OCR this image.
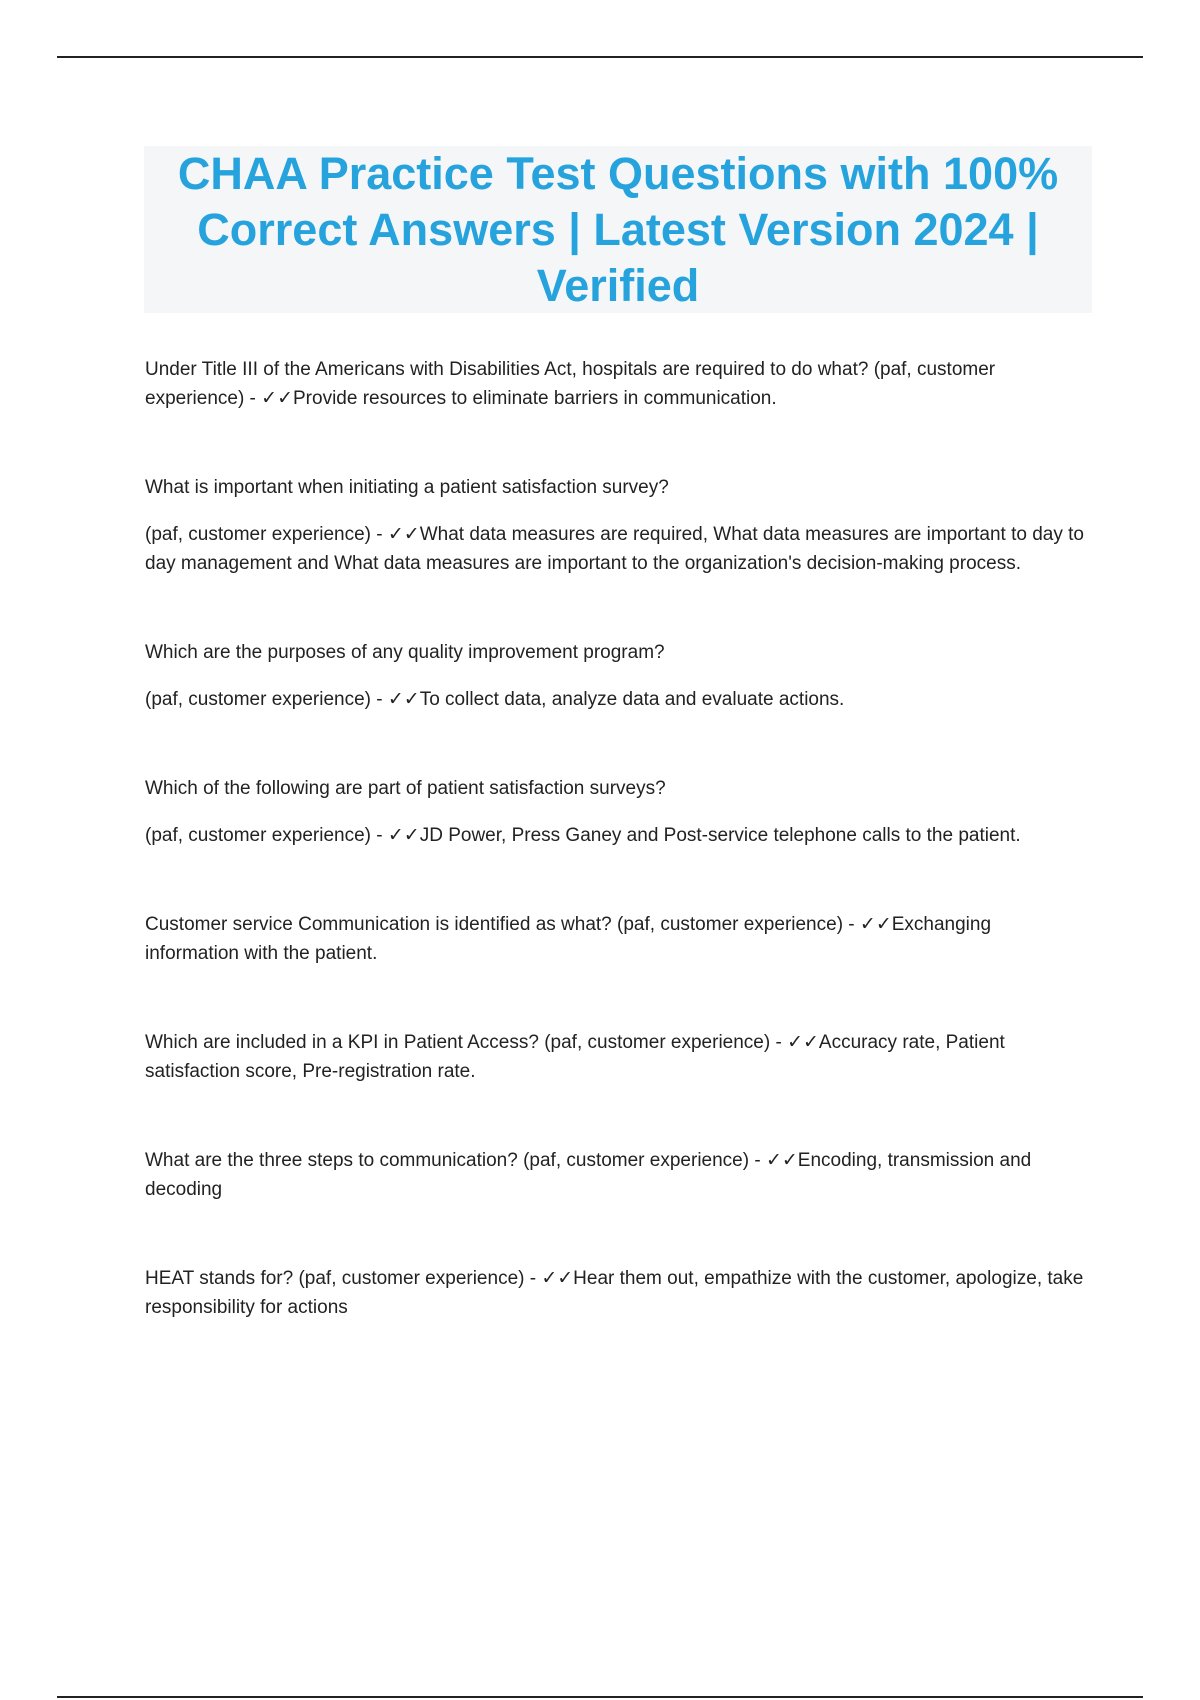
CHAA Practice Test Questions with 100% Correct Answers | Latest Version 2024 | Verified

Under Title III of the Americans with Disabilities Act, hospitals are required to do what? (paf, customer experience) - ✓✓Provide resources to eliminate barriers in communication.

What is important when initiating a patient satisfaction survey?

(paf, customer experience) - ✓✓What data measures are required, What data measures are important to day to day management and What data measures are important to the organization's decision-making process.

Which are the purposes of any quality improvement program?

(paf, customer experience) - ✓✓To collect data, analyze data and evaluate actions.

Which of the following are part of patient satisfaction surveys?

(paf, customer experience) - ✓✓JD Power, Press Ganey and Post-service telephone calls to the patient.

Customer service Communication is identified as what? (paf, customer experience) - ✓✓Exchanging information with the patient.

Which are included in a KPI in Patient Access? (paf, customer experience) - ✓✓Accuracy rate, Patient satisfaction score, Pre-registration rate.

What are the three steps to communication? (paf, customer experience) - ✓✓Encoding, transmission and decoding

HEAT stands for? (paf, customer experience) - ✓✓Hear them out, empathize with the customer, apologize, take responsibility for actions
